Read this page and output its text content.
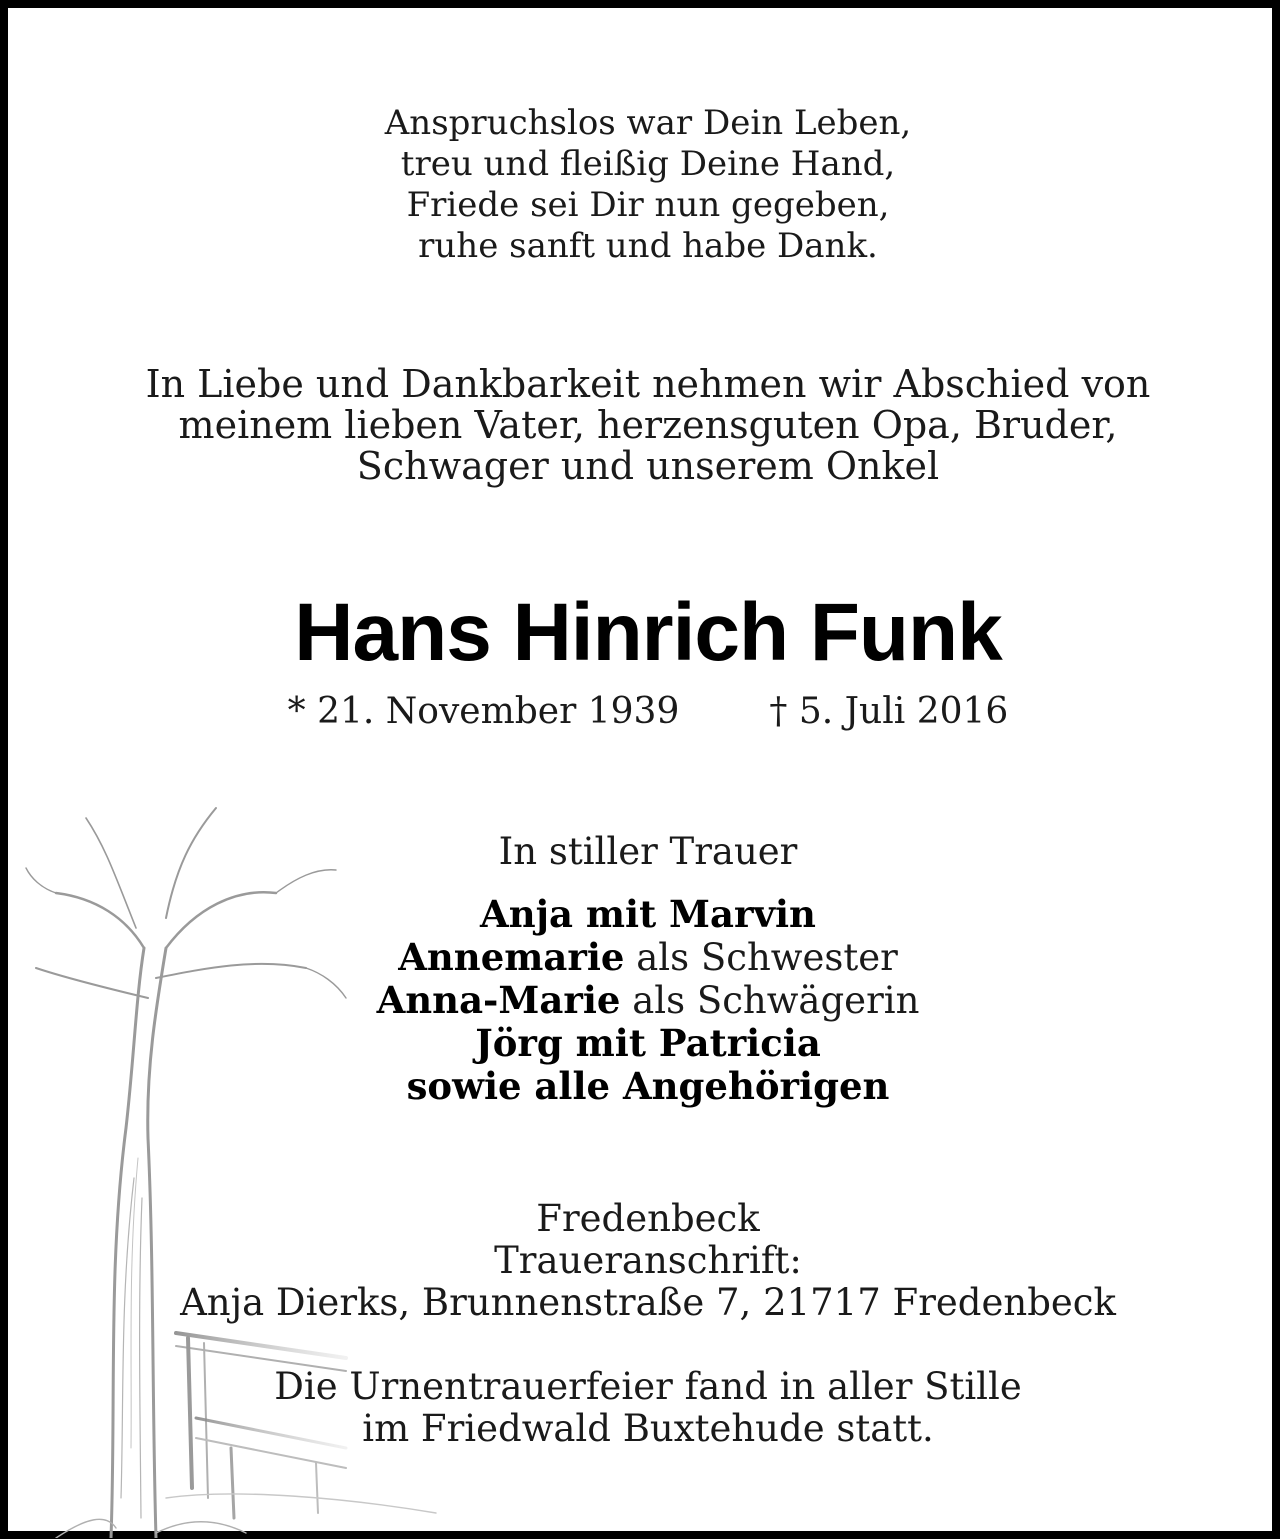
Anspruchslos war Dein Leben,
treu und fleißig Deine Hand,
Friede sei Dir nun gegeben,
ruhe sanft und habe Dank.
In Liebe und Dankbarkeit nehmen wir Abschied von
meinem lieben Vater, herzensguten Opa, Bruder,
Schwager und unserem Onkel
Hans Hinrich Funk
* 21. November 1939	† 5. Juli 2016
In stiller Trauer
Anja mit Marvin
Annemarie als Schwester
Anna-Marie als Schwägerin
Jörg mit Patricia
sowie alle Angehörigen
Fredenbeck
Traueranschrift:
Anja Dierks, Brunnenstraße 7, 21717 Fredenbeck
Die Urnentrauerfeier fand in aller Stille
im Friedwald Buxtehude statt.
